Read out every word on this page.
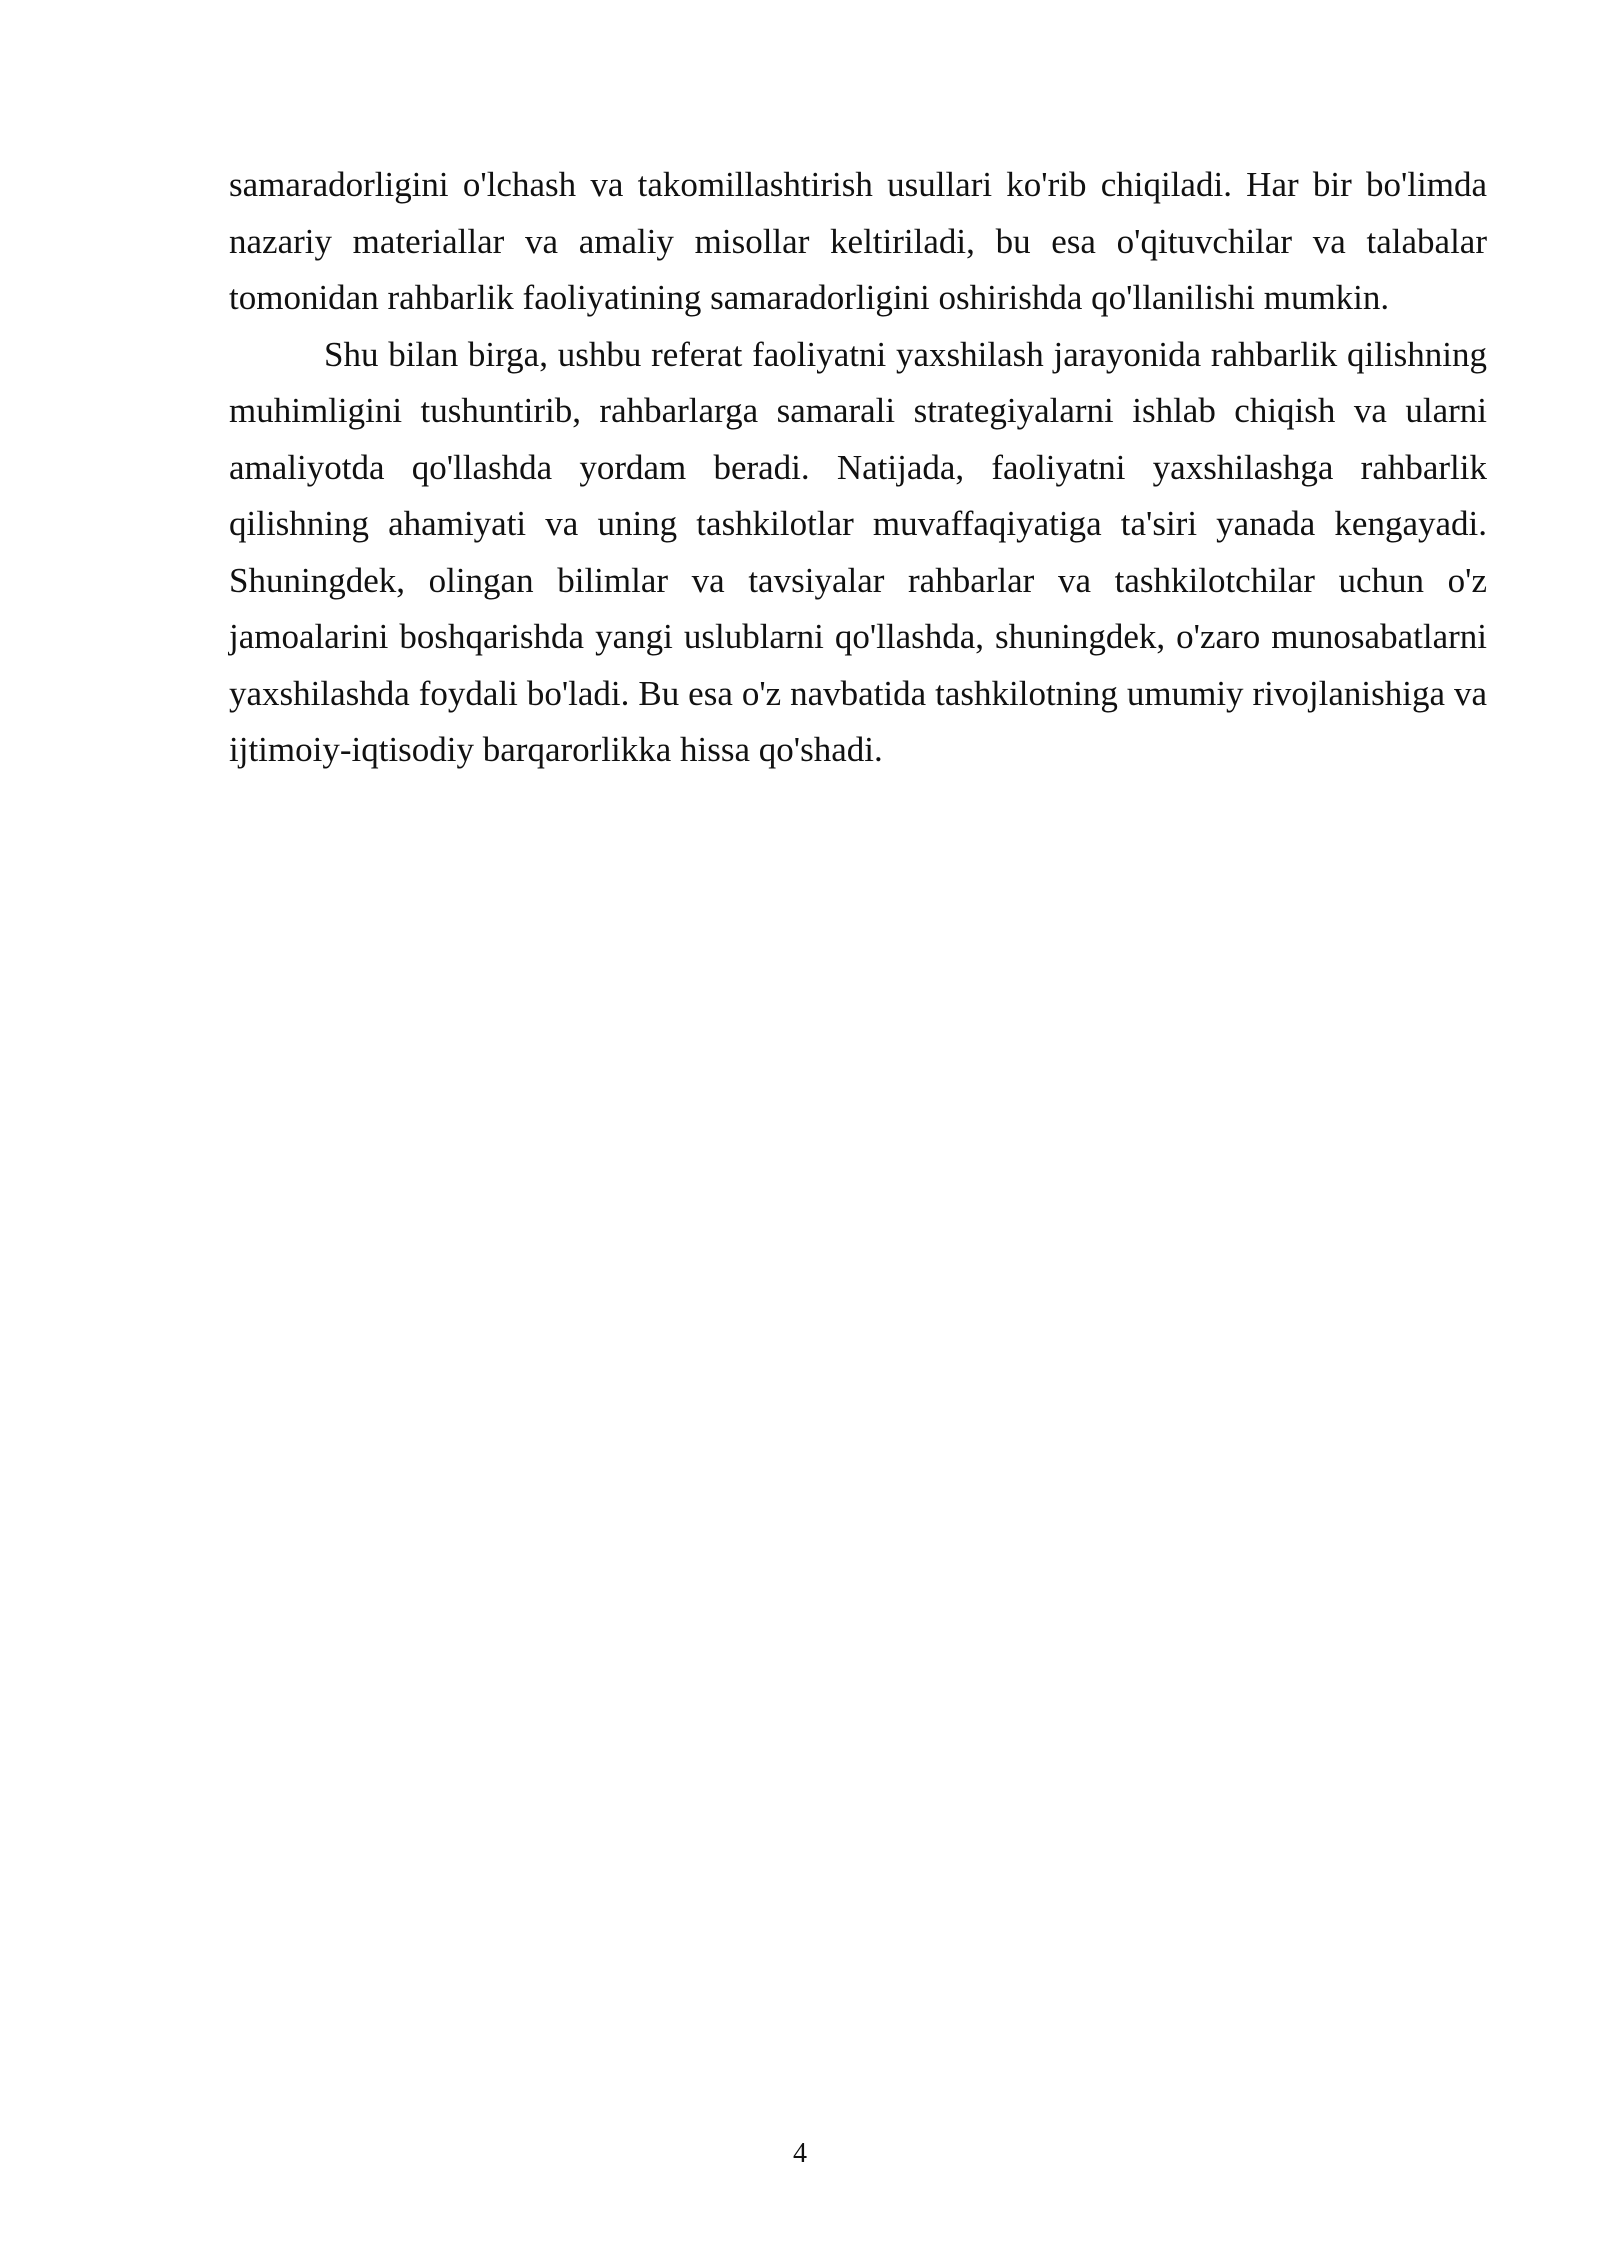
samaradorligini o'lchash va takomillashtirish usullari ko'rib chiqiladi. Har bir bo'limda nazariy materiallar va amaliy misollar keltiriladi, bu esa o'qituvchilar va talabalar tomonidan rahbarlik faoliyatining samaradorligini oshirishda qo'llanilishi mumkin.

Shu bilan birga, ushbu referat faoliyatni yaxshilash jarayonida rahbarlik qilishning muhimligini tushuntirib, rahbarlarga samarali strategiyalarni ishlab chiqish va ularni amaliyotda qo'llashda yordam beradi. Natijada, faoliyatni yaxshilashga rahbarlik qilishning ahamiyati va uning tashkilotlar muvaffaqiyatiga ta'siri yanada kengayadi. Shuningdek, olingan bilimlar va tavsiyalar rahbarlar va tashkilotchilar uchun o'z jamoalarini boshqarishda yangi uslublarni qo'llashda, shuningdek, o'zaro munosabatlarni yaxshilashda foydali bo'ladi. Bu esa o'z navbatida tashkilotning umumiy rivojlanishiga va ijtimoiy-iqtisodiy barqarorlikka hissa qo'shadi.

4
